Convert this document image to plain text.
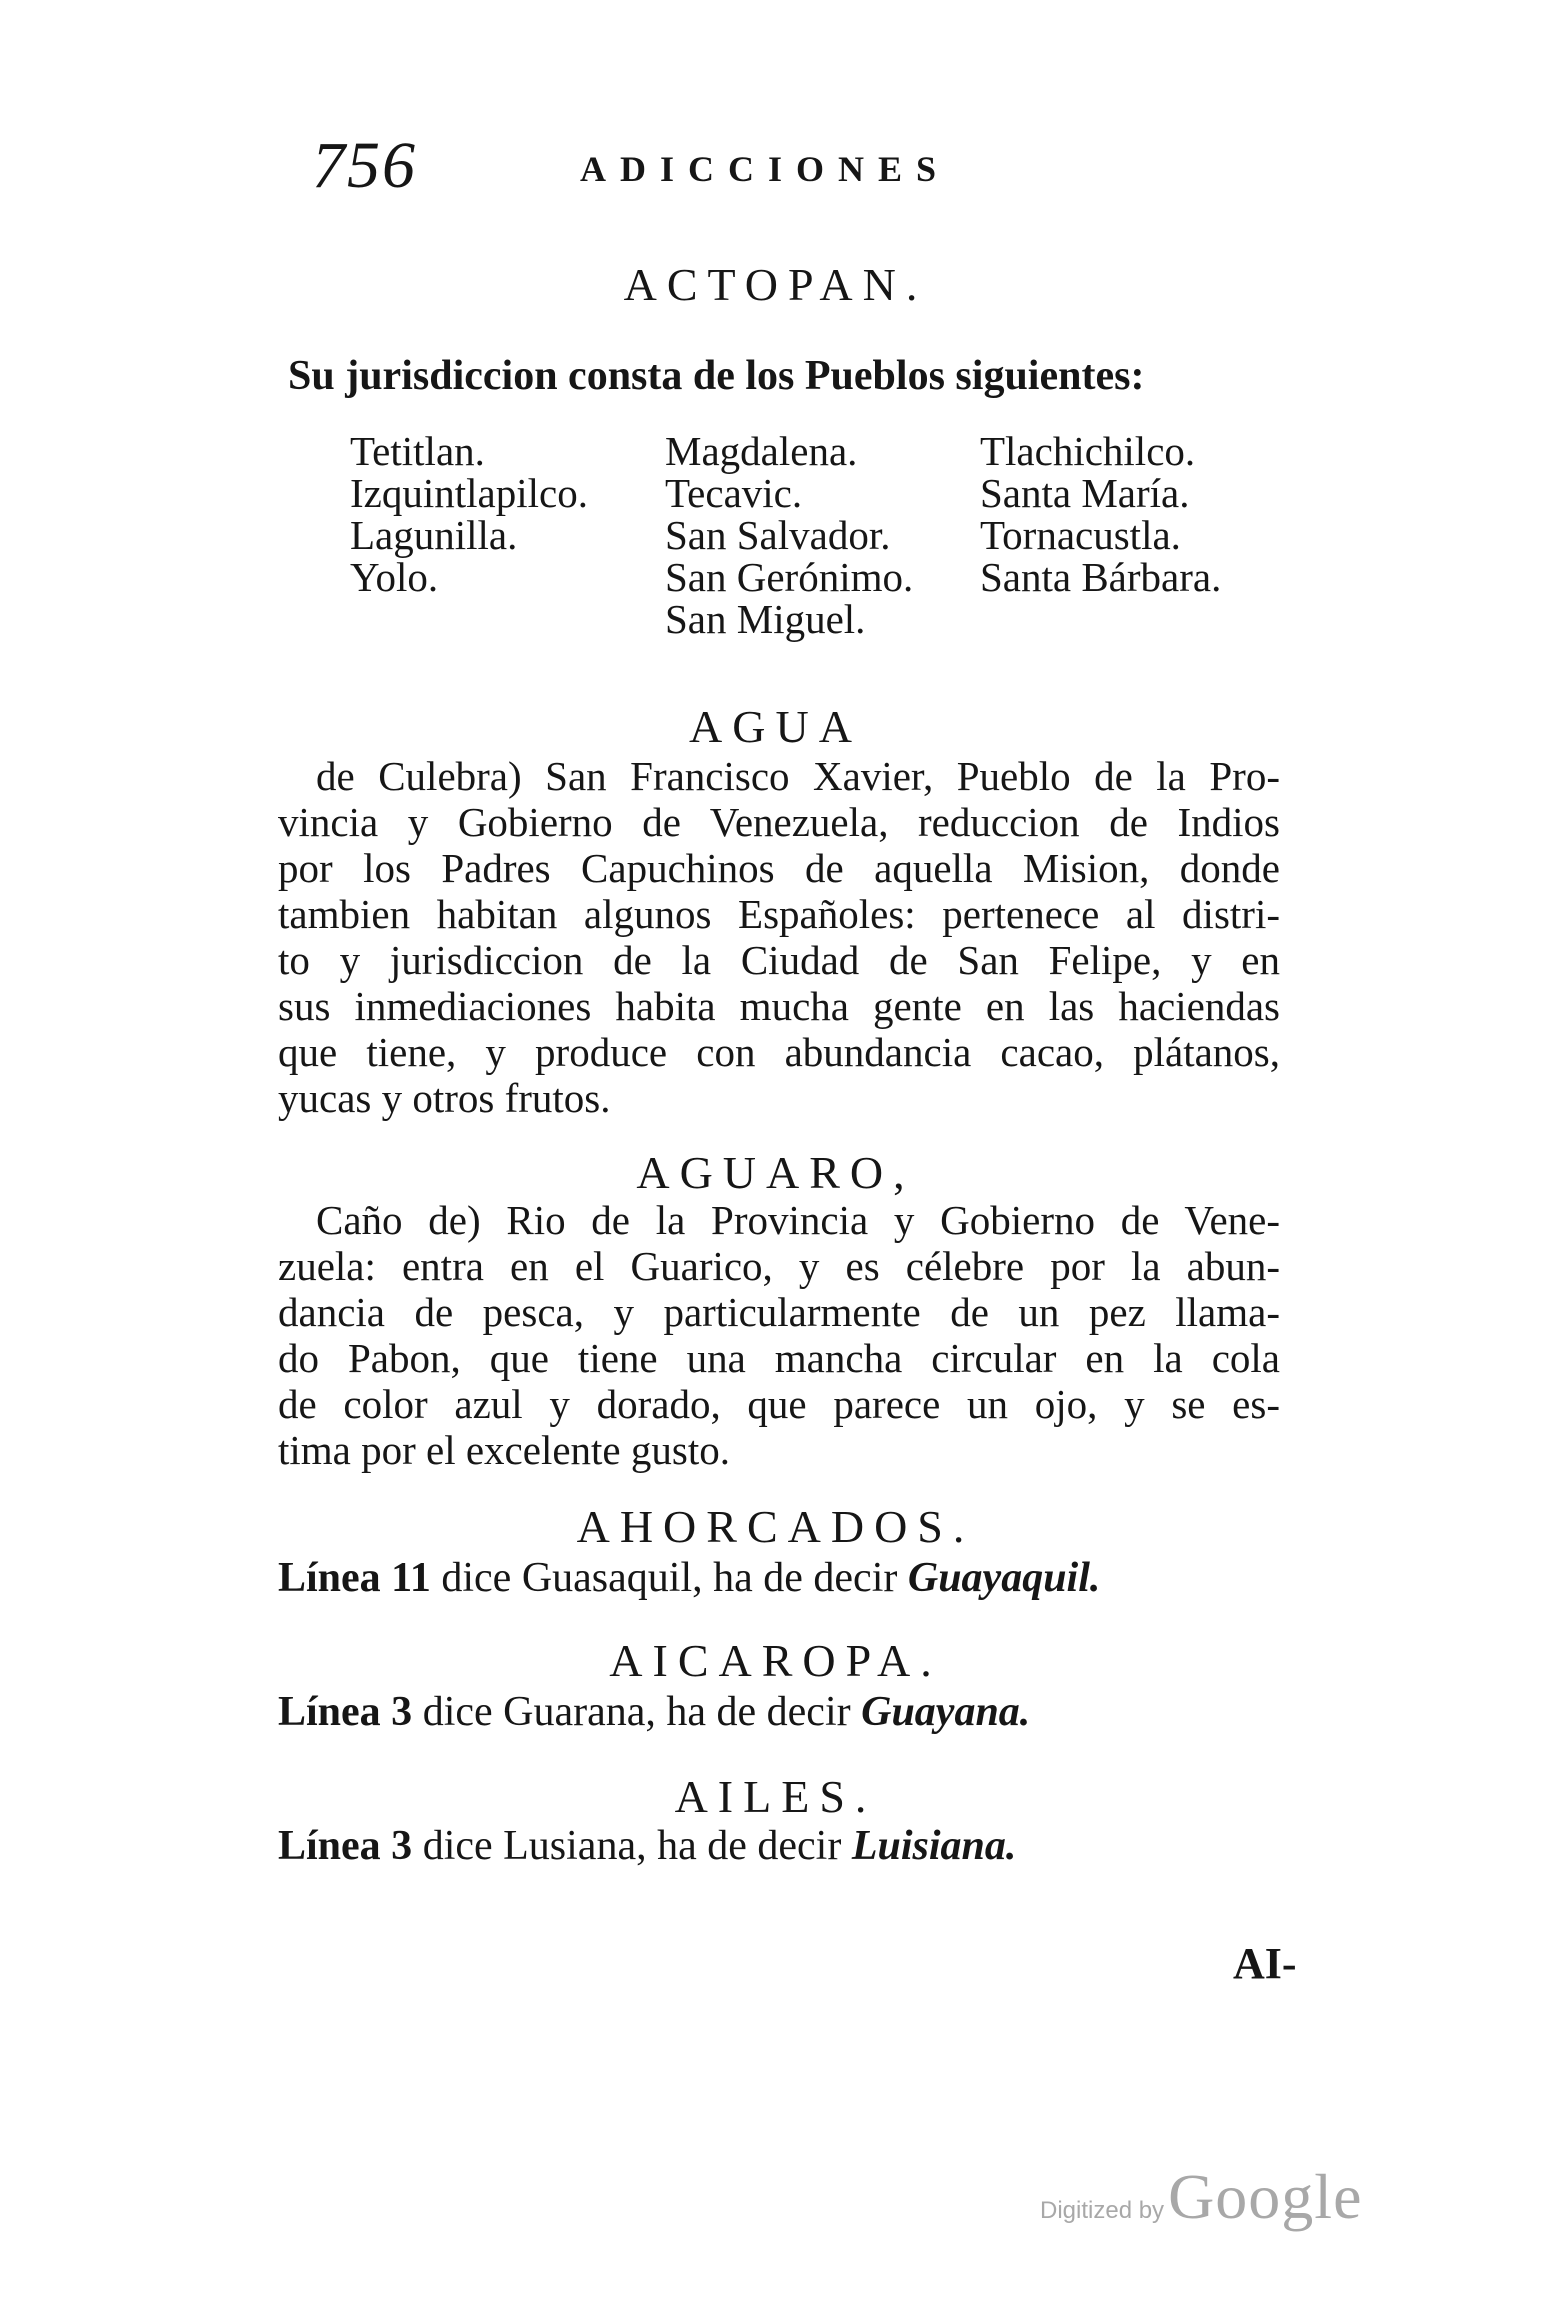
756	ADICCIONES
ACTOPAN.
Su jurisdiccion consta de los Pueblos siguientes:
Tetitlan.
Izquintlapilco.
Lagunilla.
Yolo.
Magdalena.
Tecavic.
San Salvador.
San Gerónimo.
San Miguel.
Tlachichilco.
Santa María.
Tornacustla.
Santa Bárbara.
AGUA
de Culebra) San Francisco Xavier, Pueblo de la Pro-
vincia y Gobierno de Venezuela, reduccion de Indios
por los Padres Capuchinos de aquella Mision, donde
tambien habitan algunos Españoles: pertenece al distri-
to y jurisdiccion de la Ciudad de San Felipe, y en
sus inmediaciones habita mucha gente en las haciendas
que tiene, y produce con abundancia cacao, plátanos,
yucas y otros frutos.
AGUARO,
Caño de) Rio de la Provincia y Gobierno de Vene-
zuela: entra en el Guarico, y es célebre por la abun-
dancia de pesca, y particularmente de un pez llama-
do Pabon, que tiene una mancha circular en la cola
de color azul y dorado, que parece un ojo, y se es-
tima por el excelente gusto.
AHORCADOS.
Línea 11 dice Guasaquil, ha de decir Guayaquil.
AICAROPA.
Línea 3 dice Guarana, ha de decir Guayana.
AILES.
Línea 3 dice Lusiana, ha de decir Luisiana.
AI-
Digitized by Google
